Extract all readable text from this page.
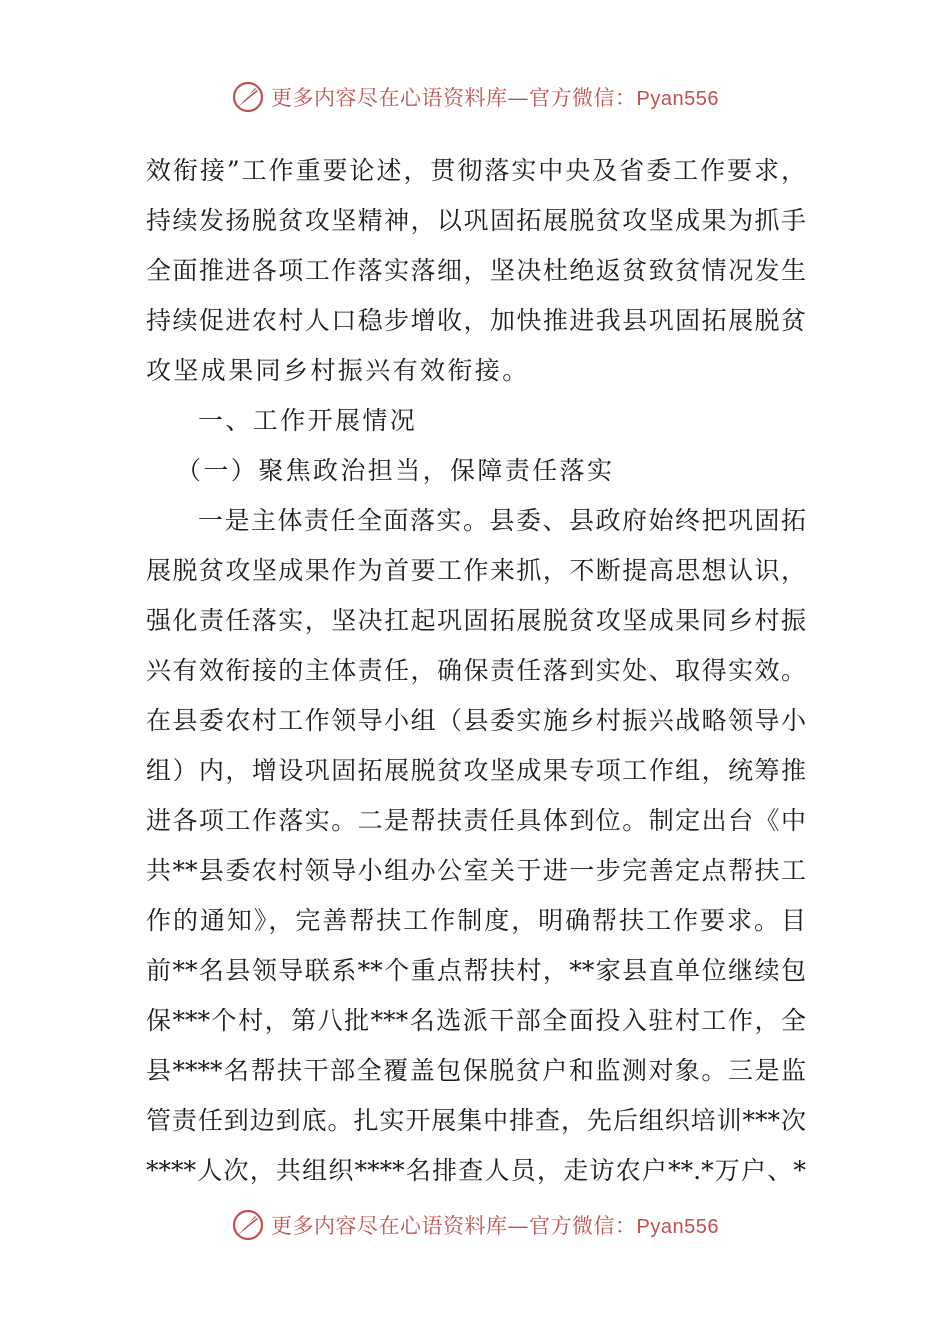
更多内容尽在心语资料库—官方微信：Pyan556
效衔接”工作重要论述，贯彻落实中央及省委工作要求，
持续发扬脱贫攻坚精神，以巩固拓展脱贫攻坚成果为抓手
全面推进各项工作落实落细，坚决杜绝返贫致贫情况发生
持续促进农村人口稳步增收，加快推进我县巩固拓展脱贫
攻坚成果同乡村振兴有效衔接。
一、工作开展情况
（一）聚焦政治担当，保障责任落实
一是主体责任全面落实。县委、县政府始终把巩固拓
展脱贫攻坚成果作为首要工作来抓，不断提高思想认识，
强化责任落实，坚决扛起巩固拓展脱贫攻坚成果同乡村振
兴有效衔接的主体责任，确保责任落到实处、取得实效。
在县委农村工作领导小组（县委实施乡村振兴战略领导小
组）内，增设巩固拓展脱贫攻坚成果专项工作组，统筹推
进各项工作落实。二是帮扶责任具体到位。制定出台《中
共**县委农村领导小组办公室关于进一步完善定点帮扶工
作的通知》，完善帮扶工作制度，明确帮扶工作要求。目
前**名县领导联系**个重点帮扶村，**家县直单位继续包
保***个村，第八批***名选派干部全面投入驻村工作，全
县****名帮扶干部全覆盖包保脱贫户和监测对象。三是监
管责任到边到底。扎实开展集中排查，先后组织培训***次
****人次，共组织****名排查人员，走访农户**.*万户、*
更多内容尽在心语资料库—官方微信：Pyan556
